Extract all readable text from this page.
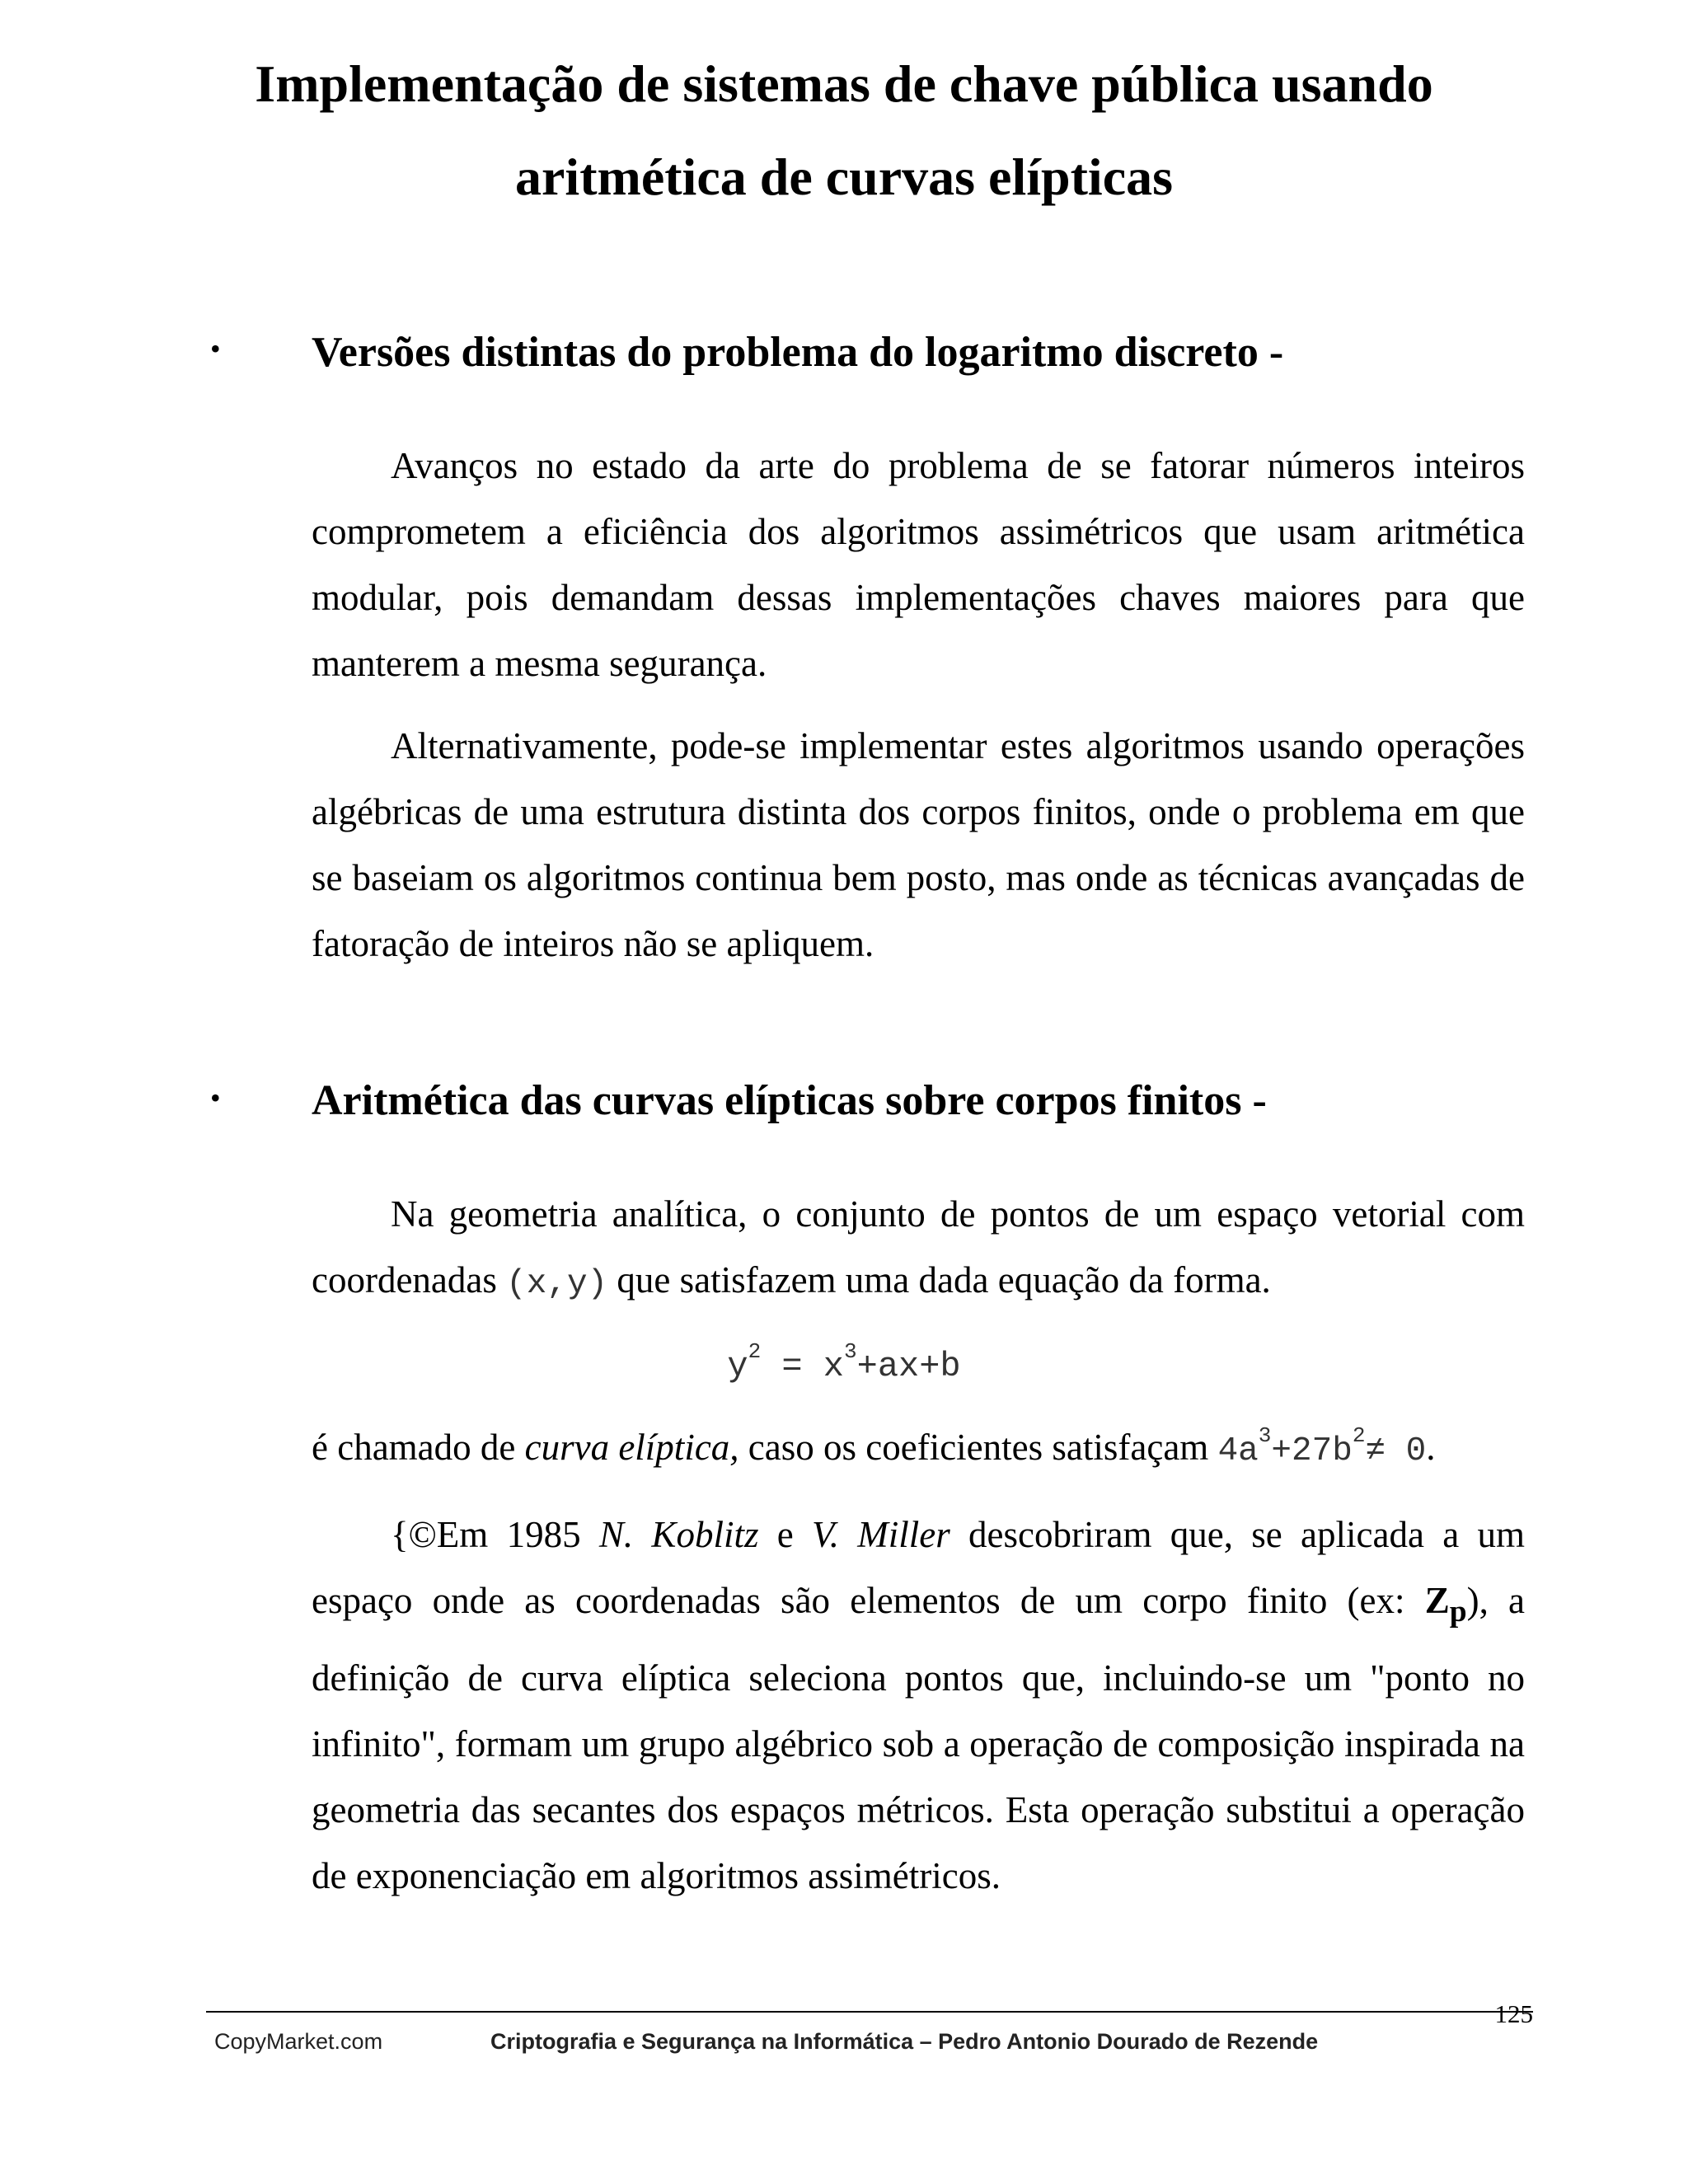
Implementação de sistemas de chave pública usando
aritmética de curvas elípticas
• Versões distintas do problema do logaritmo discreto -

Avanços no estado da arte do problema de se fatorar números inteiros comprometem a eficiência dos algoritmos assimétricos que usam aritmética modular, pois demandam dessas implementações chaves maiores para que manterem a mesma segurança.

Alternativamente, pode-se implementar estes algoritmos usando operações algébricas de uma estrutura distinta dos corpos finitos, onde o problema em que se baseiam os algoritmos continua bem posto, mas onde as técnicas avançadas de fatoração de inteiros não se apliquem.

• Aritmética das curvas elípticas sobre corpos finitos -

Na geometria analítica, o conjunto de pontos de um espaço vetorial com coordenadas (x,y) que satisfazem uma dada equação da forma.

$y^2 = x^3+ax+b$

é chamado de curva elíptica, caso os coeficientes satisfaçam $4a^3+27b^2\ne 0$.

{©Em 1985 N. Koblitz e V. Miller descobriram que, se aplicada a um espaço onde as coordenadas são elementos de um corpo finito (ex: $Z_p$), a definição de curva elíptica seleciona pontos que, incluindo-se um "ponto no infinito", formam um grupo algébrico sob a operação de composição inspirada na geometria das secantes dos espaços métricos. Esta operação substitui a operação de exponenciação em algoritmos assimétricos.

125
CopyMarket.com	Criptografia e Segurança na Informática – Pedro Antonio Dourado de Rezende
